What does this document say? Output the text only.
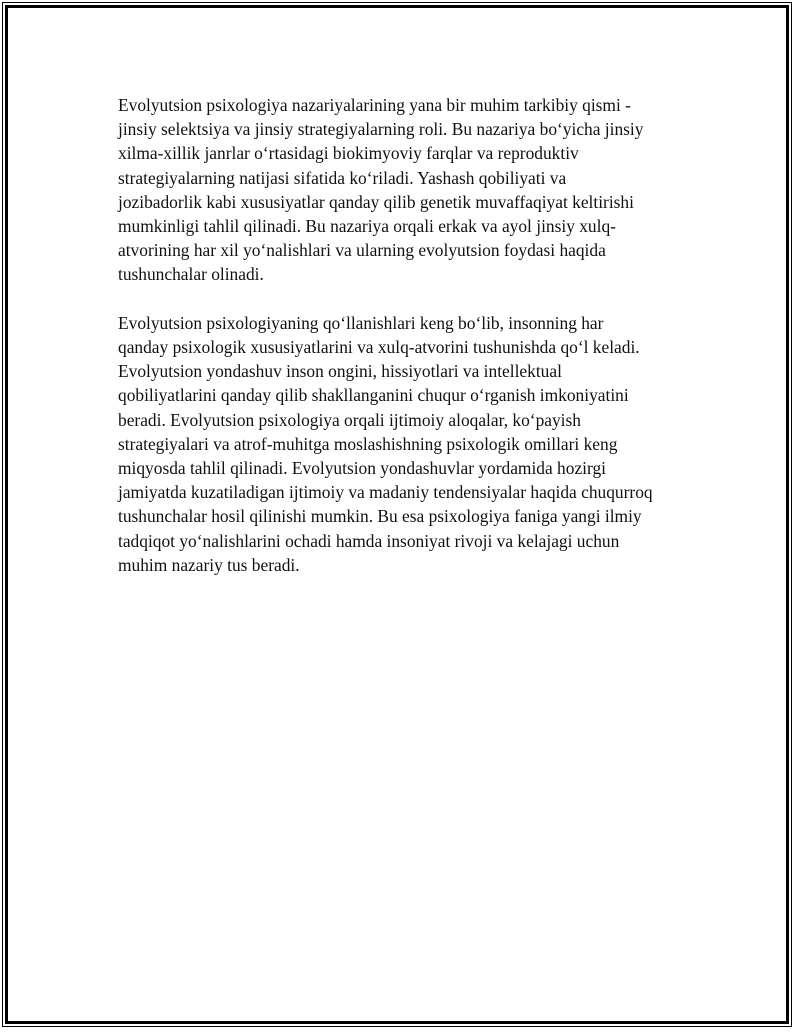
Evolyutsion psixologiya nazariyalarining yana bir muhim tarkibiy qismi -
jinsiy selektsiya va jinsiy strategiyalarning roli. Bu nazariya bo‘yicha jinsiy
xilma-xillik janrlar o‘rtasidagi biokimyoviy farqlar va reproduktiv
strategiyalarning natijasi sifatida ko‘riladi. Yashash qobiliyati va
jozibadorlik kabi xususiyatlar qanday qilib genetik muvaffaqiyat keltirishi
mumkinligi tahlil qilinadi. Bu nazariya orqali erkak va ayol jinsiy xulq-
atvorining har xil yo‘nalishlari va ularning evolyutsion foydasi haqida
tushunchalar olinadi.

Evolyutsion psixologiyaning qo‘llanishlari keng bo‘lib, insonning har
qanday psixologik xususiyatlarini va xulq-atvorini tushunishda qo‘l keladi.
Evolyutsion yondashuv inson ongini, hissiyotlari va intellektual
qobiliyatlarini qanday qilib shakllanganini chuqur o‘rganish imkoniyatini
beradi. Evolyutsion psixologiya orqali ijtimoiy aloqalar, ko‘payish
strategiyalari va atrof-muhitga moslashishning psixologik omillari keng
miqyosda tahlil qilinadi. Evolyutsion yondashuvlar yordamida hozirgi
jamiyatda kuzatiladigan ijtimoiy va madaniy tendensiyalar haqida chuqurroq
tushunchalar hosil qilinishi mumkin. Bu esa psixologiya faniga yangi ilmiy
tadqiqot yo‘nalishlarini ochadi hamda insoniyat rivoji va kelajagi uchun
muhim nazariy tus beradi.
